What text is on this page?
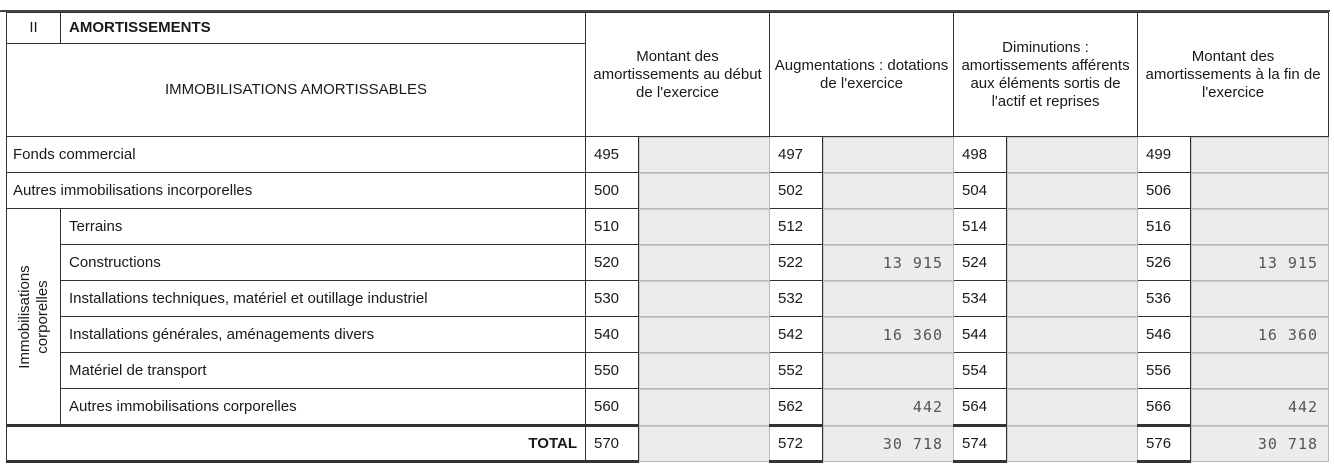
II	AMORTISSEMENTS	Montant des amortissements au début de l'exercice		Augmentations : dotations de l'exercice		Diminutions : amortissements afférents aux éléments sortis de l'actif et reprises		Montant des amortissements à la fin de l'exercice	
IMMOBILISATIONS AMORTISSABLES									
Fonds commercial		495		497		498		499	
Autres immobilisations incorporelles		500		502		504		506	

Immobilisations corporelles	Terrains	510		512		514		516	
	Constructions	520		522	13 915	524		526	13 915
	Installations techniques, matériel et outillage industriel	530		532		534		536	
	Installations générales, aménagements divers	540		542	16 360	544		546	16 360
	Matériel de transport	550		552		554		556	
	Autres immobilisations corporelles	560		562	442	564		566	442
TOTAL		570		572	30 718	574		576	30 718
